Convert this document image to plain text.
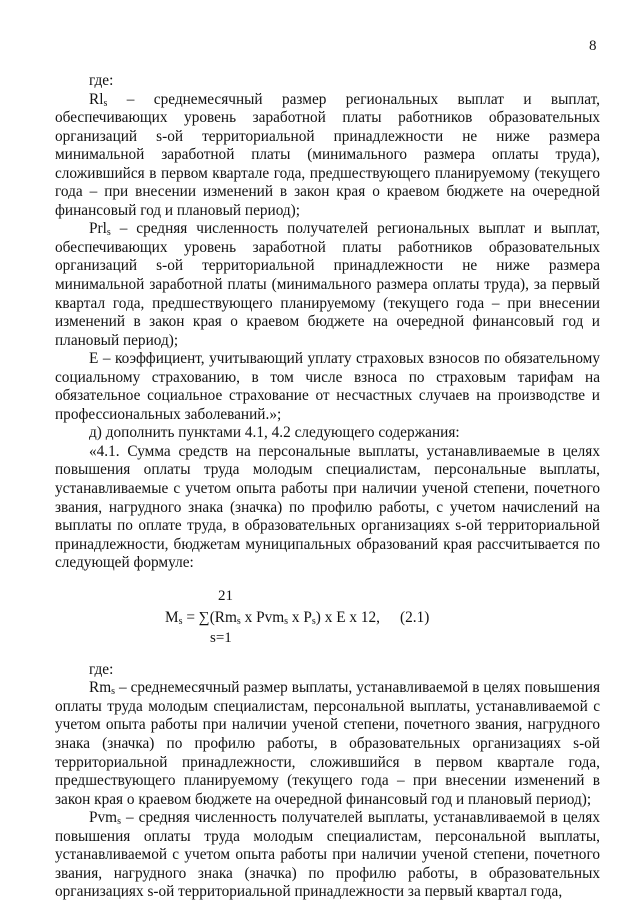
8

где:

$Rl_s$ – среднемесячный размер региональных выплат и выплат, обеспечивающих уровень заработной платы работников образовательных организаций s-ой территориальной принадлежности не ниже размера минимальной заработной платы (минимального размера оплаты труда), сложившийся в первом квартале года, предшествующего планируемому (текущего года – при внесении изменений в закон края о краевом бюджете на очередной финансовый год и плановый период);

Prl$_s$ – средняя численность получателей региональных выплат и выплат, обеспечивающих уровень заработной платы работников образовательных организаций s-ой территориальной принадлежности не ниже размера минимальной заработной платы (минимального размера оплаты труда), за первый квартал года, предшествующего планируемому (текущего года – при внесении изменений в закон края о краевом бюджете на очередной финансовый год и плановый период);

E – коэффициент, учитывающий уплату страховых взносов по обязательному социальному страхованию, в том числе взноса по страховым тарифам на обязательное социальное страхование от несчастных случаев на производстве и профессиональных заболеваний.»;

д) дополнить пунктами 4.1, 4.2 следующего содержания:

«4.1. Сумма средств на персональные выплаты, устанавливаемые в целях повышения оплаты труда молодым специалистам, персональные выплаты, устанавливаемые с учетом опыта работы при наличии ученой степени, почетного звания, нагрудного знака (значка) по профилю работы, с учетом начислений на выплаты по оплате труда, в образовательных организациях s-ой территориальной принадлежности, бюджетам муниципальных образований края рассчитывается по следующей формуле:

21
$M_s = \sum(Rm_s$ x Pvm$_s$ x $P_s$) x E x 12, (2.1)
s=1

где:

$Rm_s$ – среднемесячный размер выплаты, устанавливаемой в целях повышения оплаты труда молодым специалистам, персональной выплаты, устанавливаемой с учетом опыта работы при наличии ученой степени, почетного звания, нагрудного знака (значка) по профилю работы, в образовательных организациях s-ой территориальной принадлежности, сложившийся в первом квартале года, предшествующего планируемому (текущего года – при внесении изменений в закон края о краевом бюджете на очередной финансовый год и плановый период);

Pvm$_s$ – средняя численность получателей выплаты, устанавливаемой в целях повышения оплаты труда молодым специалистам, персональной выплаты, устанавливаемой с учетом опыта работы при наличии ученой степени, почетного звания, нагрудного знака (значка) по профилю работы, в образовательных организациях s-ой территориальной принадлежности за первый квартал года,
